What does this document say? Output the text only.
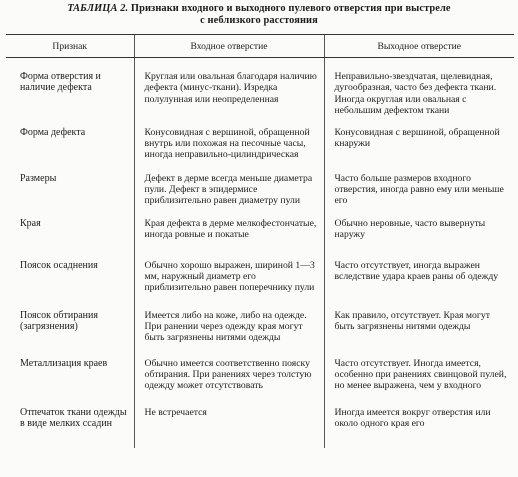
ТАБЛИЦА 2. Признаки входного и выходного пулевого отверстия при выстреле
с неблизкого расстояния
Признак	Входное отверстие	Выходное отверстие
Форма отверстия и наличие дефекта	Круглая или овальная благодаря наличию дефекта (минус-ткани). Изредка полулунная или неопределенная	Неправильно-звездчатая, щелевидная, дугообразная, часто без дефекта ткани. Иногда округлая или овальная с небольшим дефектом ткани
Форма дефекта	Конусовидная с вершиной, обращенной внутрь или похожая на песочные часы, иногда неправильно-цилиндрическая	Конусовидная с вершиной, обращенной кнаружи
Размеры	Дефект в дерме всегда меньше диаметра пули. Дефект в эпидермисе приблизительно равен диаметру пули	Часто больше размеров входного отверстия, иногда равно ему или меньше его
Края	Края дефекта в дерме мелкофестончатые, иногда ровные и покатые	Обычно неровные, часто вывернуты наружу
Поясок осаднения	Обычно хорошо выражен, шириной 1—3 мм, наружный диаметр его приблизительно равен поперечнику пули	Часто отсутствует, иногда выражен вследствие удара краев раны об одежду
Поясок обтирания (загрязнения)	Имеется либо на коже, либо на одежде. При ранении через одежду края могут быть загрязнены нитями одежды	Как правило, отсутствует. Края могут быть загрязнены нитями одежды
Металлизация краев	Обычно имеется соответственно пояску обтирания. При ранениях через толстую одежду может отсутствовать	Часто отсутствует. Иногда имеется, особенно при ранениях свинцовой пулей, но менее выражена, чем у входного
Отпечаток ткани одежды в виде мелких ссадин	Не встречается	Иногда имеется вокруг отверстия или около одного края его
